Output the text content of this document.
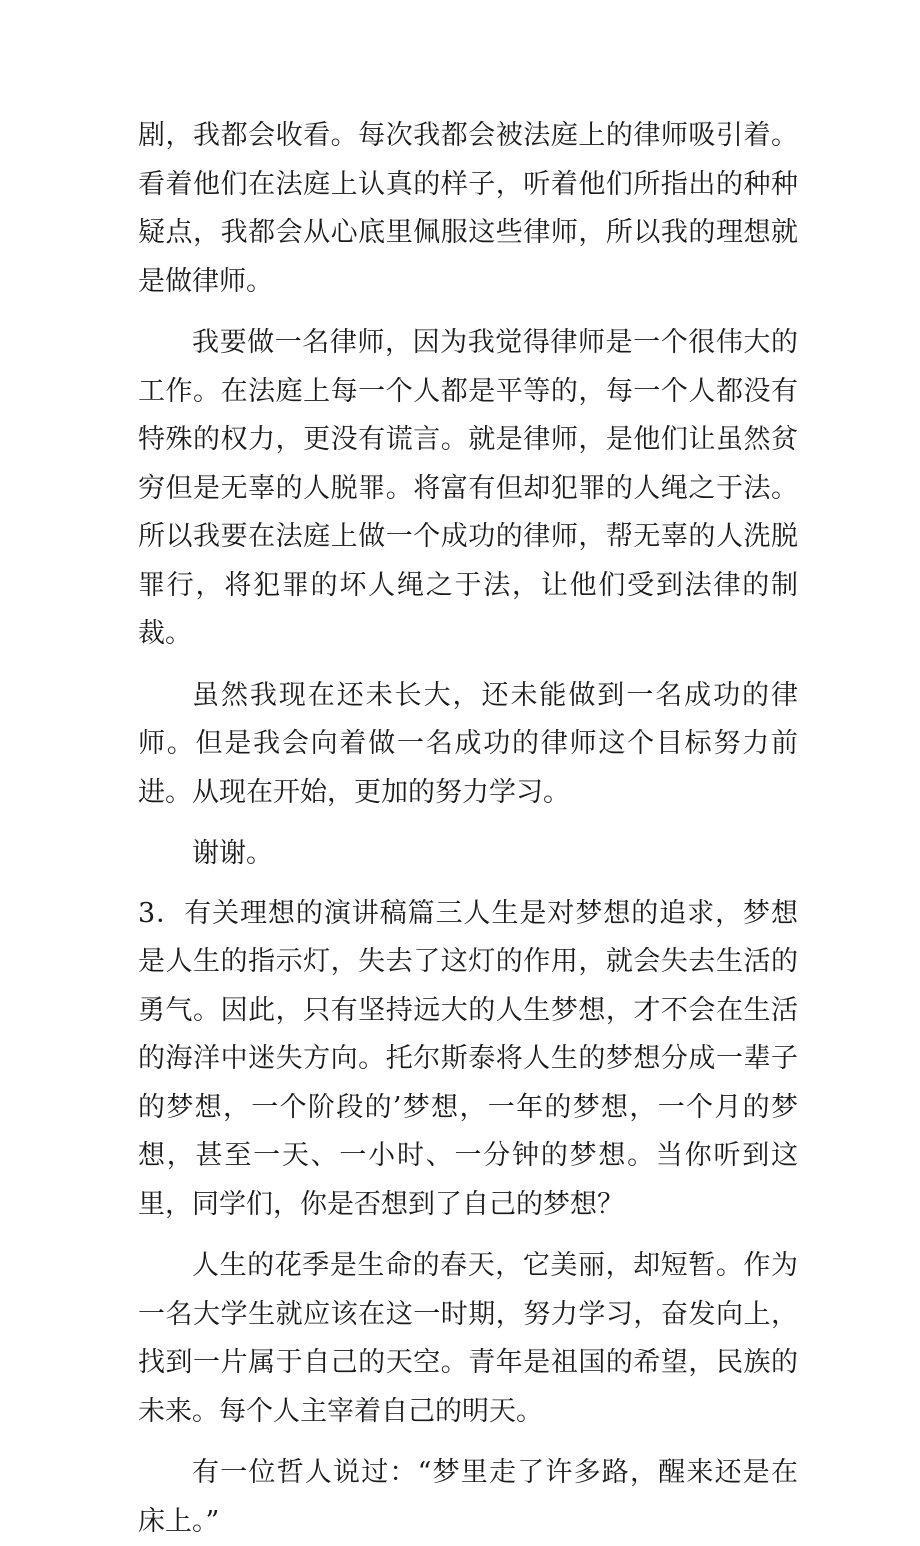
剧，我都会收看。每次我都会被法庭上的律师吸引着。看着他们在法庭上认真的样子，听着他们所指出的种种疑点，我都会从心底里佩服这些律师，所以我的理想就是做律师。

我要做一名律师，因为我觉得律师是一个很伟大的工作。在法庭上每一个人都是平等的，每一个人都没有特殊的权力，更没有谎言。就是律师，是他们让虽然贫穷但是无辜的人脱罪。将富有但却犯罪的人绳之于法。所以我要在法庭上做一个成功的律师，帮无辜的人洗脱罪行，将犯罪的坏人绳之于法，让他们受到法律的制裁。

虽然我现在还未长大，还未能做到一名成功的律师。但是我会向着做一名成功的律师这个目标努力前进。从现在开始，更加的努力学习。

谢谢。

3．有关理想的演讲稿篇三人生是对梦想的追求，梦想是人生的指示灯，失去了这灯的作用，就会失去生活的勇气。因此，只有坚持远大的人生梦想，才不会在生活的海洋中迷失方向。托尔斯泰将人生的梦想分成一辈子的梦想，一个阶段的’梦想，一年的梦想，一个月的梦想，甚至一天、一小时、一分钟的梦想。当你听到这里，同学们，你是否想到了自己的梦想？

人生的花季是生命的春天，它美丽，却短暂。作为一名大学生就应该在这一时期，努力学习，奋发向上，找到一片属于自己的天空。青年是祖国的希望，民族的未来。每个人主宰着自己的明天。

有一位哲人说过：“梦里走了许多路，醒来还是在床上。”
